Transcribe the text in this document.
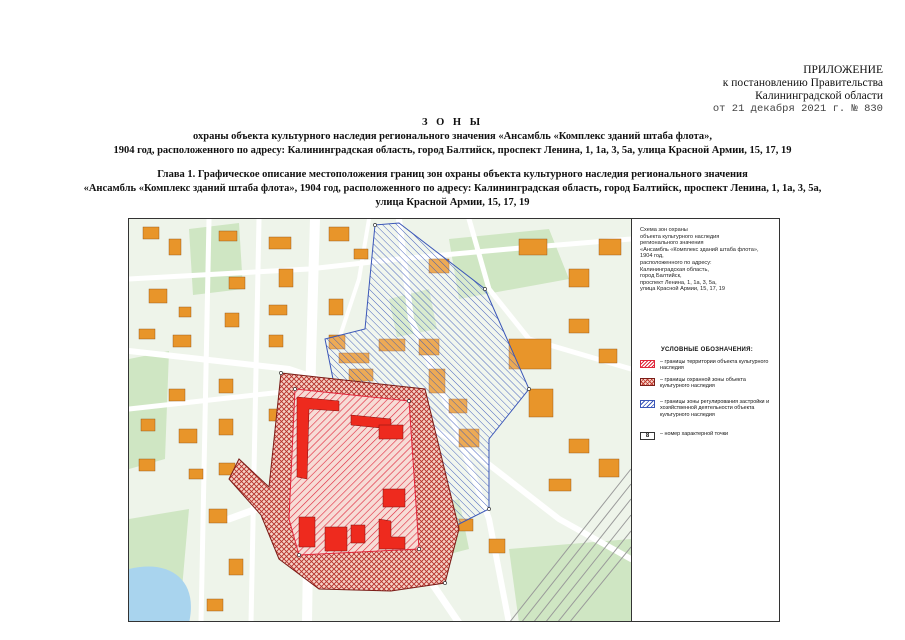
ПРИЛОЖЕНИЕ
к постановлению Правительства
Калининградской области
от 21 декабря 2021 г. № 830
З О Н Ы
охраны объекта культурного наследия регионального значения «Ансамбль «Комплекс зданий штаба флота»,
1904 год, расположенного по адресу: Калининградская область, город Балтийск, проспект Ленина, 1, 1а, 3, 5а, улица Красной Армии, 15, 17, 19
Глава 1. Графическое описание местоположения границ зон охраны объекта культурного наследия регионального значения
«Ансамбль «Комплекс зданий штаба флота», 1904 год, расположенного по адресу: Калининградская область, город Балтийск, проспект Ленина, 1, 1а, 3, 5а,
улица Красной Армии, 15, 17, 19
Схема зон охраны
объекта культурного наследия
регионального значения
«Ансамбль «Комплекс зданий штаба флота»,
1904 год,
расположенного по адресу:
Калининградская область,
город Балтийск,
проспект Ленина, 1, 1а, 3, 5а,
улица Красной Армии, 15, 17, 19
УСЛОВНЫЕ ОБОЗНАЧЕНИЯ:
– границы территории объекта культурного наследия
– границы охранной зоны объекта культурного наследия
– границы зоны регулирования застройки и хозяйственной деятельности объекта культурного наследия
8	– номер характерной точки
